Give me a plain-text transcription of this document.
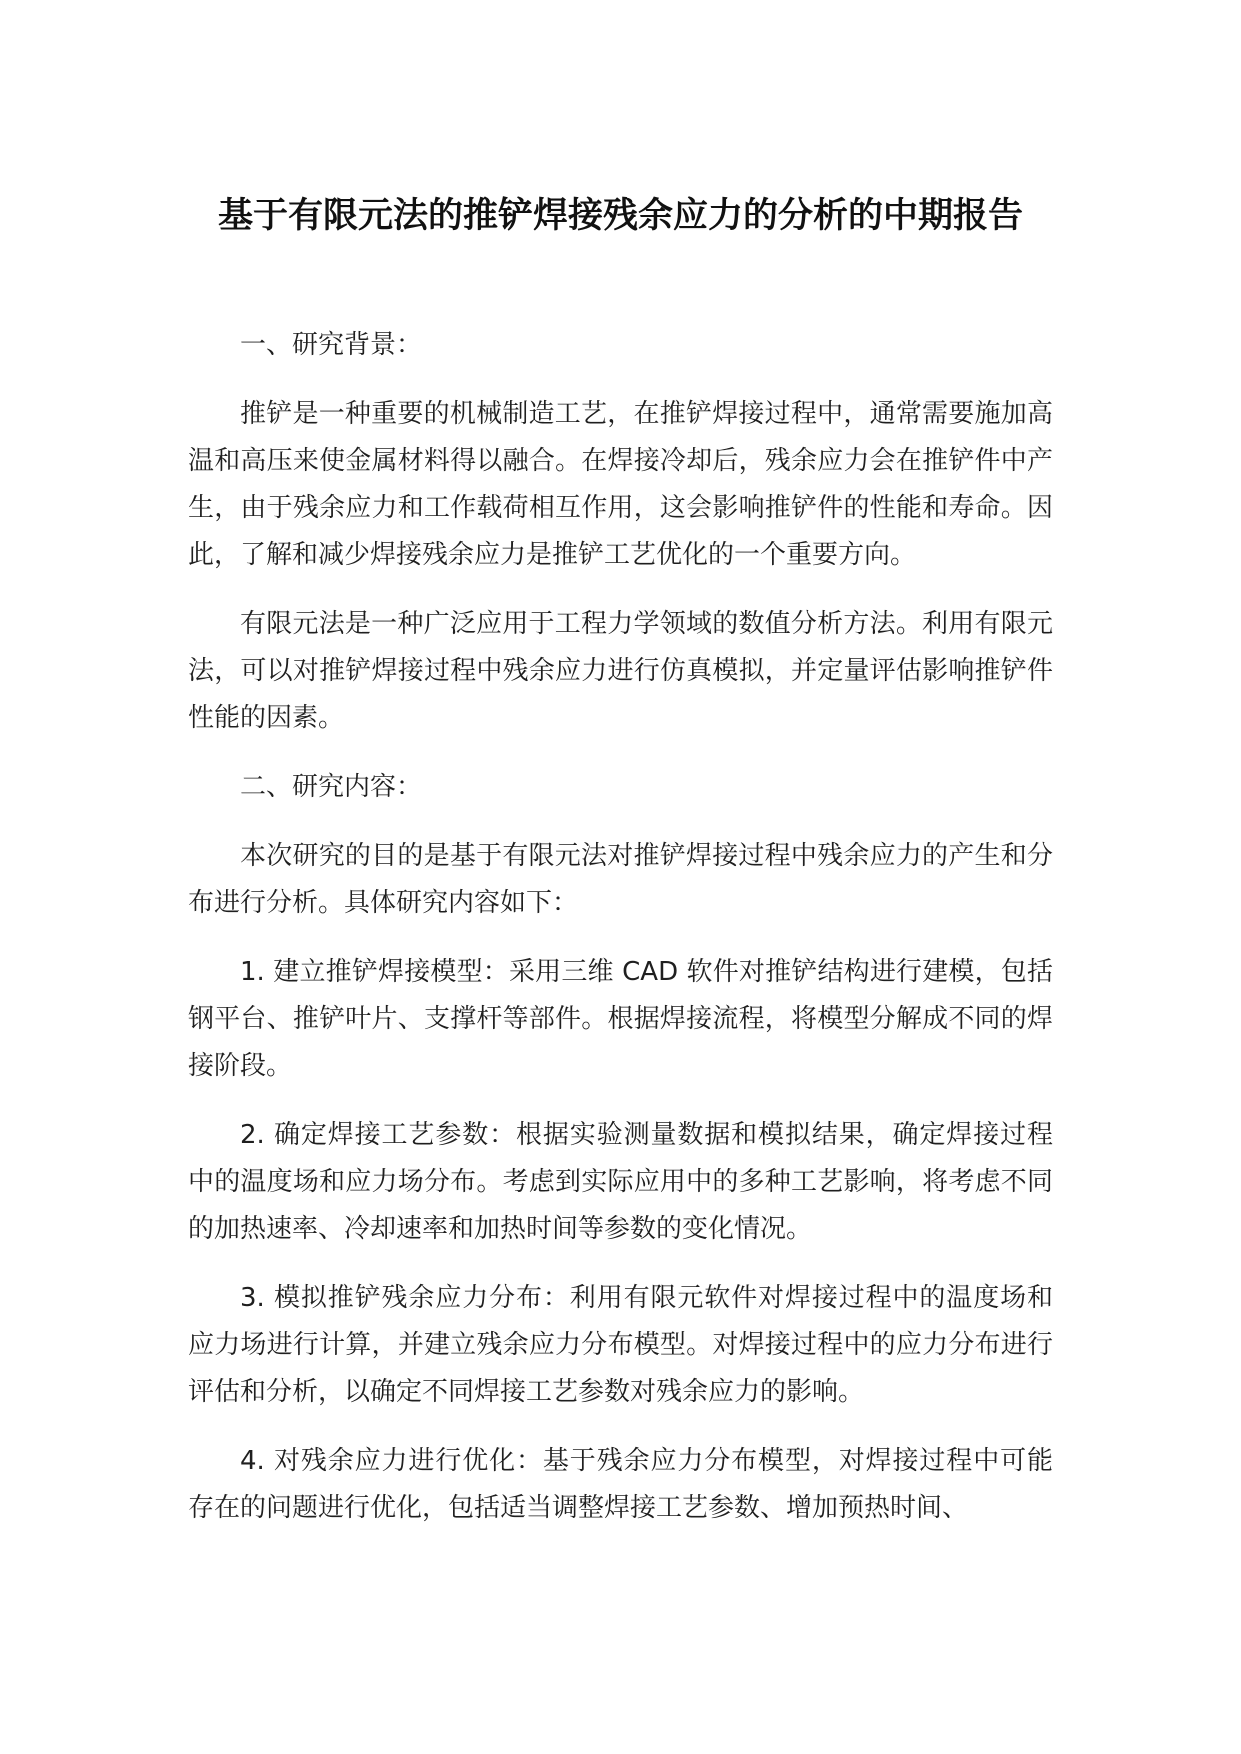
基于有限元法的推铲焊接残余应力的分析的中期报告

一、研究背景：

推铲是一种重要的机械制造工艺，在推铲焊接过程中，通常需要施加高温和高压来使金属材料得以融合。在焊接冷却后，残余应力会在推铲件中产生，由于残余应力和工作载荷相互作用，这会影响推铲件的性能和寿命。因此，了解和减少焊接残余应力是推铲工艺优化的一个重要方向。

有限元法是一种广泛应用于工程力学领域的数值分析方法。利用有限元法，可以对推铲焊接过程中残余应力进行仿真模拟，并定量评估影响推铲件性能的因素。

二、研究内容：

本次研究的目的是基于有限元法对推铲焊接过程中残余应力的产生和分布进行分析。具体研究内容如下：

1. 建立推铲焊接模型：采用三维 CAD 软件对推铲结构进行建模，包括钢平台、推铲叶片、支撑杆等部件。根据焊接流程，将模型分解成不同的焊接阶段。

2. 确定焊接工艺参数：根据实验测量数据和模拟结果，确定焊接过程中的温度场和应力场分布。考虑到实际应用中的多种工艺影响，将考虑不同的加热速率、冷却速率和加热时间等参数的变化情况。

3. 模拟推铲残余应力分布：利用有限元软件对焊接过程中的温度场和应力场进行计算，并建立残余应力分布模型。对焊接过程中的应力分布进行评估和分析，以确定不同焊接工艺参数对残余应力的影响。

4. 对残余应力进行优化：基于残余应力分布模型，对焊接过程中可能存在的问题进行优化，包括适当调整焊接工艺参数、增加预热时间、
